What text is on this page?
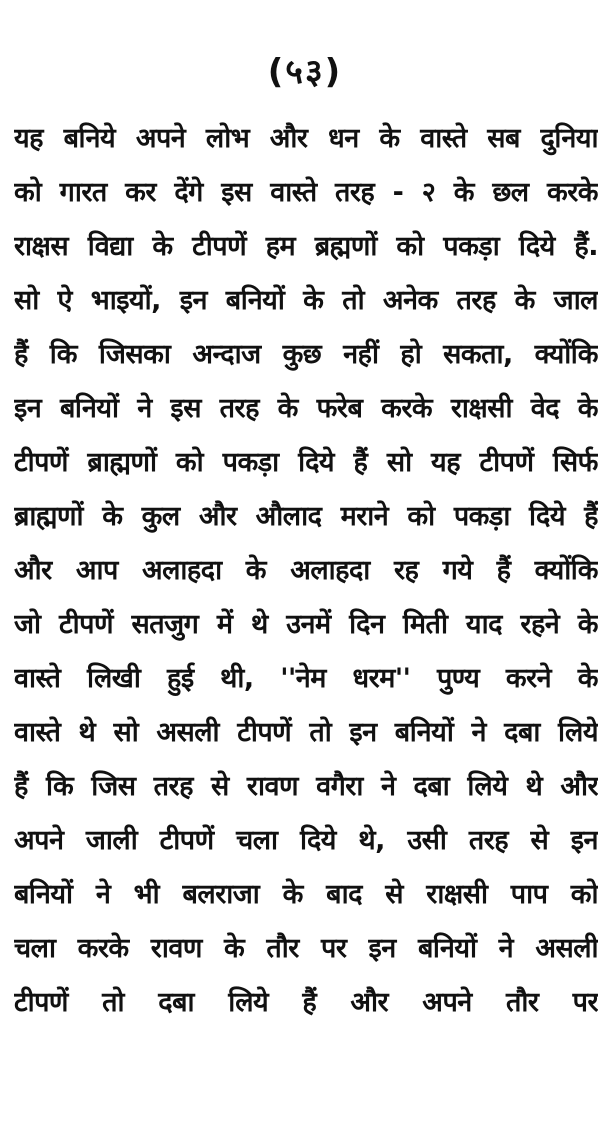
(५३)
यह बनिये अपने लोभ और धन के वास्ते सब दुनिया
को गारत कर देंगे इस वास्ते तरह - २ के छल करके
राक्षस विद्या के टीपणें हम ब्रह्मणों को पकड़ा दिये हैं.
सो ऐ भाइयों, इन बनियों के तो अनेक तरह के जाल
हैं कि जिसका अन्दाज कुछ नहीं हो सकता, क्योंकि
इन बनियों ने इस तरह के फरेब करके राक्षसी वेद के
टीपणें ब्राह्मणों को पकड़ा दिये हैं सो यह टीपणें सिर्फ
ब्राह्मणों के कुल और औलाद मराने को पकड़ा दिये हैं
और आप अलाहदा के अलाहदा रह गये हैं क्योंकि
जो टीपणें सतजुग में थे उनमें दिन मिती याद रहने के
वास्ते लिखी हुई थी, ''नेम धरम'' पुण्य करने के
वास्ते थे सो असली टीपणें तो इन बनियों ने दबा लिये
हैं कि जिस तरह से रावण वगैरा ने दबा लिये थे और
अपने जाली टीपणें चला दिये थे, उसी तरह से इन
बनियों ने भी बलराजा के बाद से राक्षसी पाप को
चला करके रावण के तौर पर इन बनियों ने असली
टीपणें तो दबा लिये हैं और अपने तौर पर
